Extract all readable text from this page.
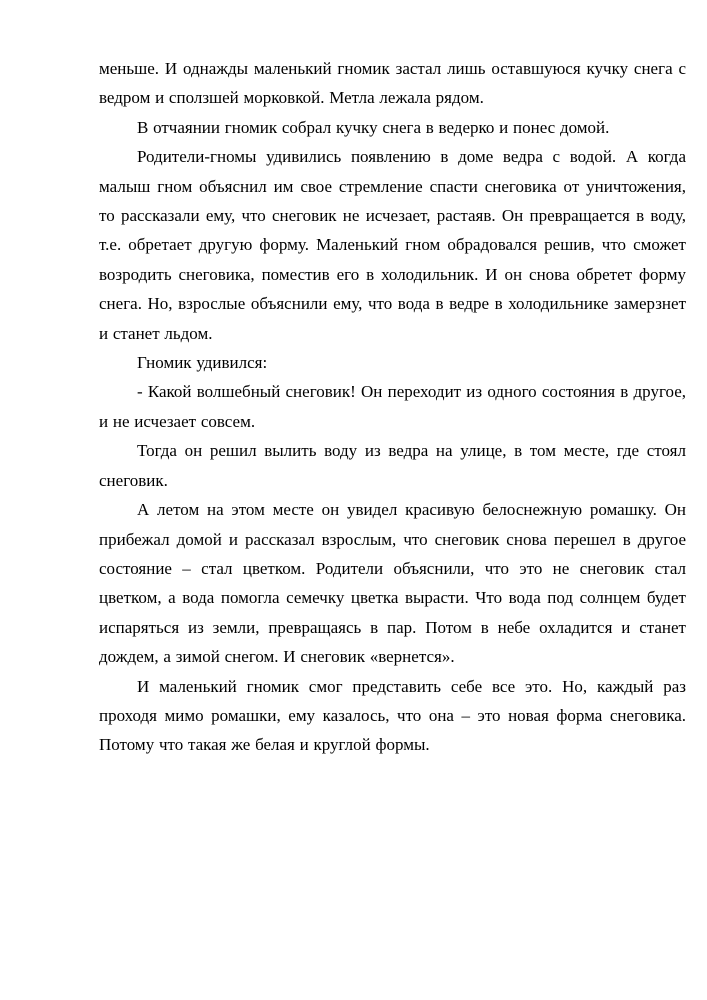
меньше. И однажды маленький гномик застал лишь оставшуюся кучку снега с ведром и сползшей морковкой. Метла лежала рядом.

В отчаянии гномик собрал кучку снега в ведерко и понес домой.

Родители-гномы удивились появлению в доме ведра с водой. А когда малыш гном объяснил им свое стремление спасти снеговика от уничтожения, то рассказали ему, что снеговик не исчезает, растаяв. Он превращается в воду, т.е. обретает другую форму. Маленький гном обрадовался решив, что сможет возродить снеговика, поместив его в холодильник. И он снова обретет форму снега. Но, взрослые объяснили ему, что вода в ведре в холодильнике замерзнет и станет льдом.

Гномик удивился:

- Какой волшебный снеговик! Он переходит из одного состояния в другое, и не исчезает совсем.

Тогда он решил вылить воду из ведра на улице, в том месте, где стоял снеговик.

А летом на этом месте он увидел красивую белоснежную ромашку. Он прибежал домой и рассказал взрослым, что снеговик снова перешел в другое состояние – стал цветком. Родители объяснили, что это не снеговик стал цветком, а вода помогла семечку цветка вырасти. Что вода под солнцем будет испаряться из земли, превращаясь в пар. Потом в небе охладится и станет дождем, а зимой снегом. И снеговик «вернется».

И маленький гномик смог представить себе все это. Но, каждый раз проходя мимо ромашки, ему казалось, что она – это новая форма снеговика. Потому что такая же белая и круглой формы.
